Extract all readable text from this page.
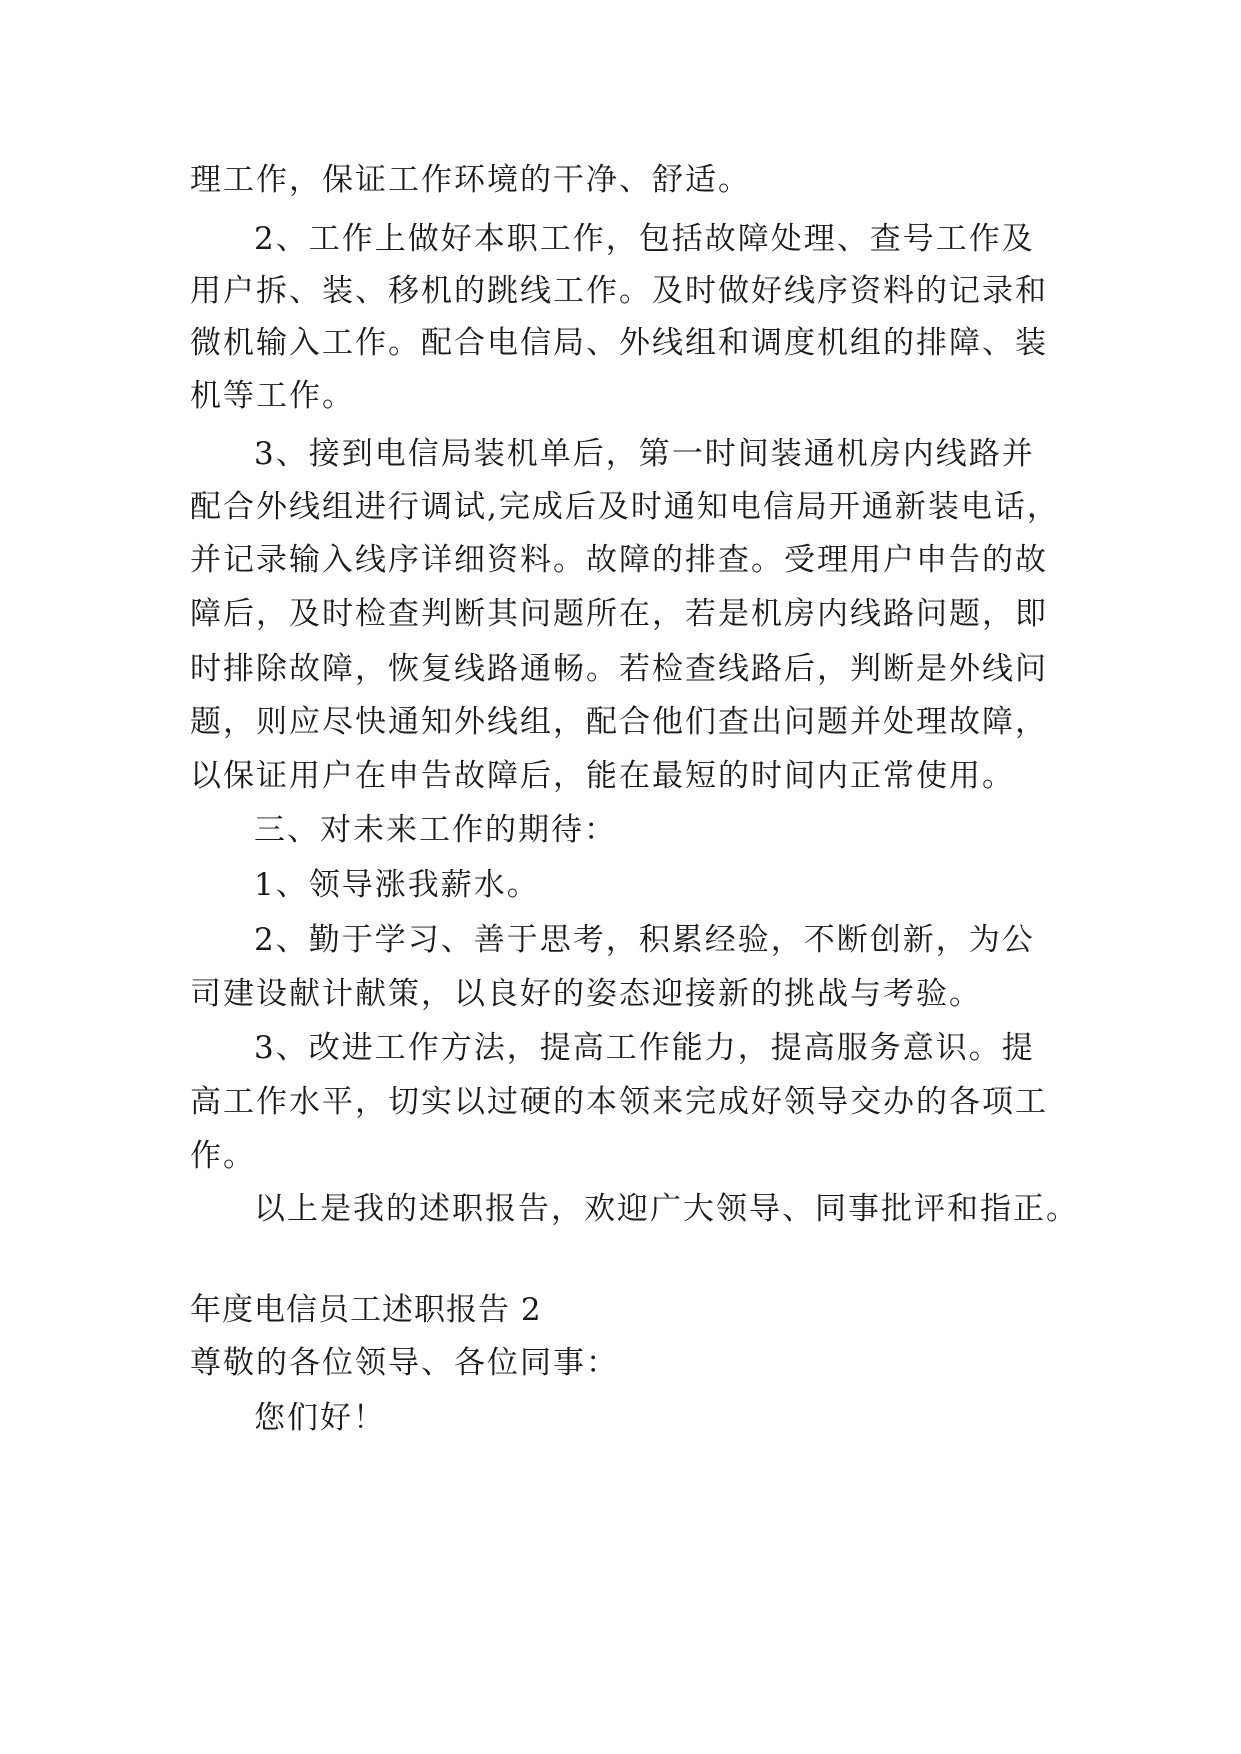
理工作，保证工作环境的干净、舒适。

2、工作上做好本职工作，包括故障处理、查号工作及

用户拆、装、移机的跳线工作。及时做好线序资料的记录和

微机输入工作。配合电信局、外线组和调度机组的排障、装

机等工作。

3、接到电信局装机单后，第一时间装通机房内线路并

配合外线组进行调试,完成后及时通知电信局开通新装电话，

并记录输入线序详细资料。故障的排查。受理用户申告的故

障后，及时检查判断其问题所在，若是机房内线路问题，即

时排除故障，恢复线路通畅。若检查线路后，判断是外线问

题，则应尽快通知外线组，配合他们查出问题并处理故障，

以保证用户在申告故障后，能在最短的时间内正常使用。

三、对未来工作的期待：

1、领导涨我薪水。

2、勤于学习、善于思考，积累经验，不断创新，为公

司建设献计献策，以良好的姿态迎接新的挑战与考验。

3、改进工作方法，提高工作能力，提高服务意识。提

高工作水平，切实以过硬的本领来完成好领导交办的各项工

作。

以上是我的述职报告，欢迎广大领导、同事批评和指正。

年度电信员工述职报告 2

尊敬的各位领导、各位同事：

您们好！
